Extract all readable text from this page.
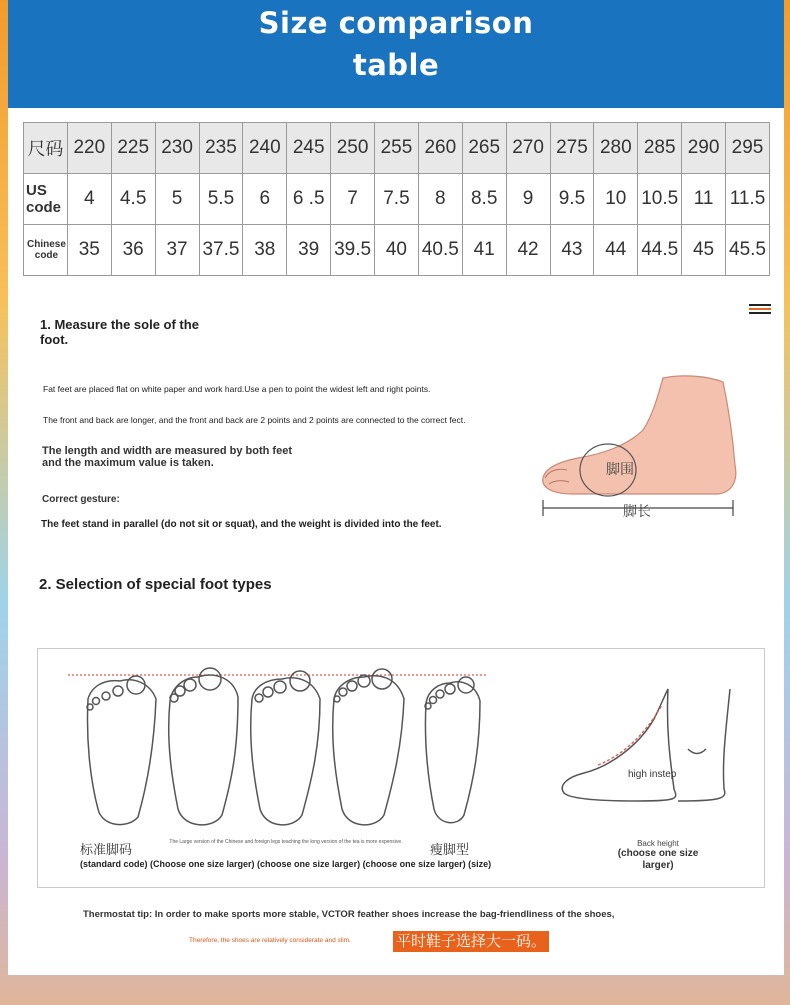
Size comparison
table
尺码	220	225	230	235	240	245	250	255	260	265	270	275	280	285	290	295
US code	4	4.5	5	5.5	6	6 .5	7	7.5	8	8.5	9	9.5	10	10.5	11	11.5
Chinese code	35	36	37	37.5	38	39	39.5	40	40.5	41	42	43	44	44.5	45	45.5
1. Measure the sole of the foot.
Fat feet are placed flat on white paper and work hard.Use a pen to point the widest left and right points.
The front and back are longer, and the front and back are 2 points and 2 points are connected to the correct fect.
The length and width are measured by both feet and the maximum value is taken.
Correct gesture:
The feet stand in parallel (do not sit or squat), and the weight is divided into the feet.
脚围
脚长
2. Selection of special foot types
标准脚码
The Large version of the Chinese and foreign legs teaching the long version of the tea is more expensive.
瘦脚型
(standard code) (Choose one size larger) (choose one size larger) (choose one size larger) (size)
high instep
Back height
(choose one size larger)
Thermostat tip: In order to make sports more stable, VCTOR feather shoes increase the bag-friendliness of the shoes,
Therefore, the shoes are relatively considerate and slim.	平时鞋子选择大一码。
